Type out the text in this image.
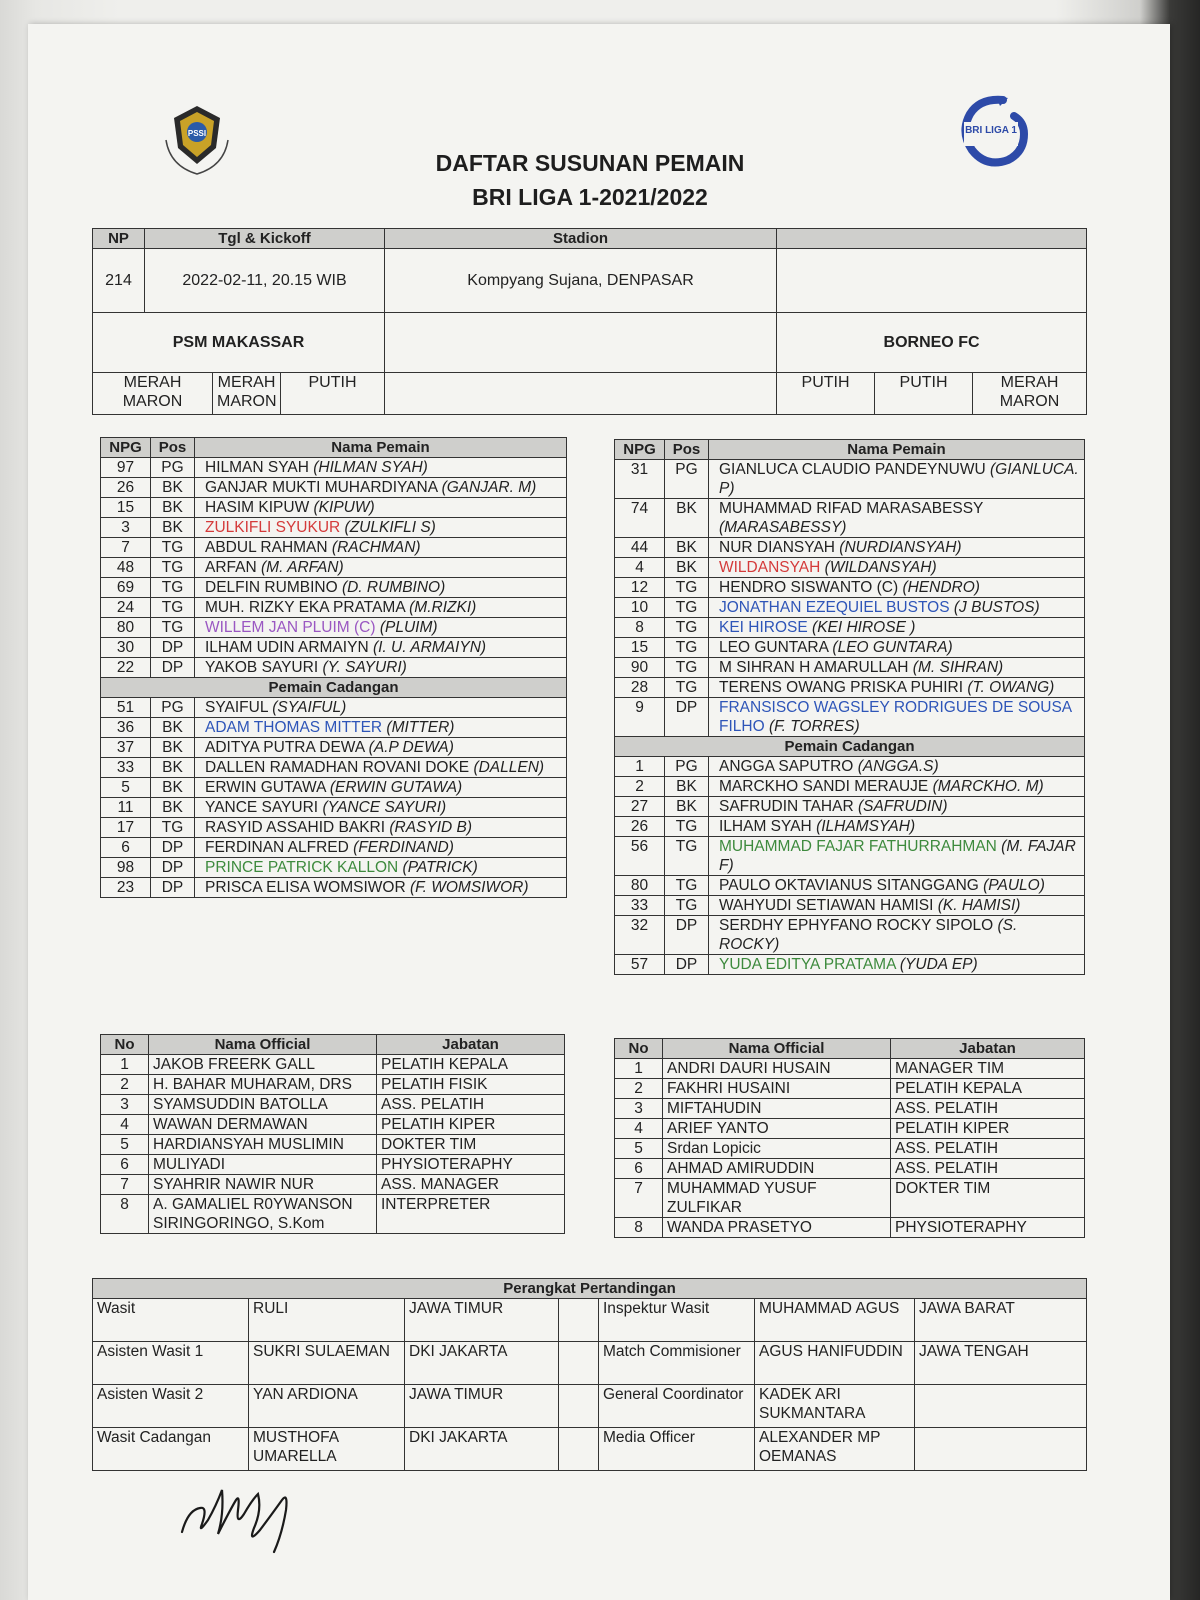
PSSI	BRI LIGA 1
DAFTAR SUSUNAN PEMAIN
BRI LIGA 1-2021/2022
NP	Tgl & Kickoff			Stadion			
214	2022-02-11, 20.15 WIB			Kompyang Sujana, DENPASAR			
PSM MAKASSAR					BORNEO FC		
MERAH MARON		MERAH MARON	PUTIH		PUTIH	PUTIH	MERAH MARON
NPG	Pos	Nama Pemain
97	PG	HILMAN SYAH (HILMAN SYAH)
26	BK	GANJAR MUKTI MUHARDIYANA (GANJAR. M)
15	BK	HASIM KIPUW (KIPUW)
3	BK	ZULKIFLI SYUKUR (ZULKIFLI S)
7	TG	ABDUL RAHMAN (RACHMAN)
48	TG	ARFAN (M. ARFAN)
69	TG	DELFIN RUMBINO (D. RUMBINO)
24	TG	MUH. RIZKY EKA PRATAMA (M.RIZKI)
80	TG	WILLEM JAN PLUIM (C) (PLUIM)
30	DP	ILHAM UDIN ARMAIYN (I. U. ARMAIYN)
22	DP	YAKOB SAYURI (Y. SAYURI)
Pemain Cadangan		
51	PG	SYAIFUL (SYAIFUL)
36	BK	ADAM THOMAS MITTER (MITTER)
37	BK	ADITYA PUTRA DEWA (A.P DEWA)
33	BK	DALLEN RAMADHAN ROVANI DOKE (DALLEN)
5	BK	ERWIN GUTAWA (ERWIN GUTAWA)
11	BK	YANCE SAYURI (YANCE SAYURI)
17	TG	RASYID ASSAHID BAKRI (RASYID B)
6	DP	FERDINAN ALFRED (FERDINAND)
98	DP	PRINCE PATRICK KALLON (PATRICK)
23	DP	PRISCA ELISA WOMSIWOR (F. WOMSIWOR)
NPG	Pos	Nama Pemain
31	PG	GIANLUCA CLAUDIO PANDEYNUWU (GIANLUCA. P)
74	BK	MUHAMMAD RIFAD MARASABESSY (MARASABESSY)
44	BK	NUR DIANSYAH (NURDIANSYAH)
4	BK	WILDANSYAH (WILDANSYAH)
12	TG	HENDRO SISWANTO (C) (HENDRO)
10	TG	JONATHAN EZEQUIEL BUSTOS (J BUSTOS)
8	TG	KEI HIROSE (KEI HIROSE )
15	TG	LEO GUNTARA (LEO GUNTARA)
90	TG	M SIHRAN H AMARULLAH (M. SIHRAN)
28	TG	TERENS OWANG PRISKA PUHIRI (T. OWANG)
9	DP	FRANSISCO WAGSLEY RODRIGUES DE SOUSA FILHO (F. TORRES)
Pemain Cadangan		
1	PG	ANGGA SAPUTRO (ANGGA.S)
2	BK	MARCKHO SANDI MERAUJE (MARCKHO. M)
27	BK	SAFRUDIN TAHAR (SAFRUDIN)
26	TG	ILHAM SYAH (ILHAMSYAH)
56	TG	MUHAMMAD FAJAR FATHURRAHMAN (M. FAJAR F)
80	TG	PAULO OKTAVIANUS SITANGGANG (PAULO)
33	TG	WAHYUDI SETIAWAN HAMISI (K. HAMISI)
32	DP	SERDHY EPHYFANO ROCKY SIPOLO (S. ROCKY)
57	DP	YUDA EDITYA PRATAMA (YUDA EP)
No	Nama Official	Jabatan
1	JAKOB FREERK GALL	PELATIH KEPALA
2	H. BAHAR MUHARAM, DRS	PELATIH FISIK
3	SYAMSUDDIN BATOLLA	ASS. PELATIH
4	WAWAN DERMAWAN	PELATIH KIPER
5	HARDIANSYAH MUSLIMIN	DOKTER TIM
6	MULIYADI	PHYSIOTERAPHY
7	SYAHRIR NAWIR NUR	ASS. MANAGER
8	A. GAMALIEL R0YWANSON SIRINGORINGO, S.Kom	INTERPRETER
No	Nama Official	Jabatan
1	ANDRI DAURI HUSAIN	MANAGER TIM
2	FAKHRI HUSAINI	PELATIH KEPALA
3	MIFTAHUDIN	ASS. PELATIH
4	ARIEF YANTO	PELATIH KIPER
5	Srdan Lopicic	ASS. PELATIH
6	AHMAD AMIRUDDIN	ASS. PELATIH
7	MUHAMMAD YUSUF ZULFIKAR	DOKTER TIM
8	WANDA PRASETYO	PHYSIOTERAPHY
Perangkat Pertandingan						
Wasit	RULI	JAWA TIMUR		Inspektur Wasit	MUHAMMAD AGUS	JAWA BARAT
Asisten Wasit 1	SUKRI SULAEMAN	DKI JAKARTA		Match Commisioner	AGUS HANIFUDDIN	JAWA TENGAH
Asisten Wasit 2	YAN ARDIONA	JAWA TIMUR		General Coordinator	KADEK ARI SUKMANTARA	
Wasit Cadangan	MUSTHOFA UMARELLA	DKI JAKARTA		Media Officer	ALEXANDER MP OEMANAS	
